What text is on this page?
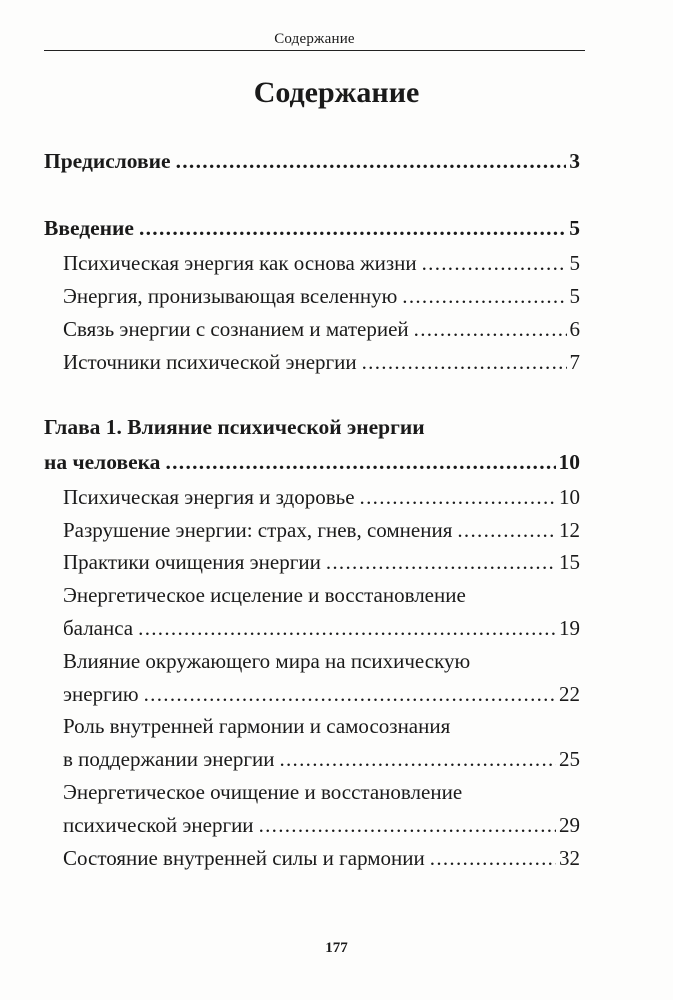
Содержание
Содержание
Предисловие .....	3
Введение .....	5
Психическая энергия как основа жизни .....	5
Энергия, пронизывающая вселенную .....	5
Связь энергии с сознанием и материей .....	6
Источники психической энергии .....	7
Глава 1. Влияние психической энергии
на человека .....	10
Психическая энергия и здоровье .....	10
Разрушение энергии: страх, гнев, сомнения .....	12
Практики очищения энергии .....	15
Энергетическое исцеление и восстановление
баланса .....	19
Влияние окружающего мира на психическую
энергию .....	22
Роль внутренней гармонии и самосознания
в поддержании энергии .....	25
Энергетическое очищение и восстановление
психической энергии .....	29
Состояние внутренней силы и гармонии .....	32
177
